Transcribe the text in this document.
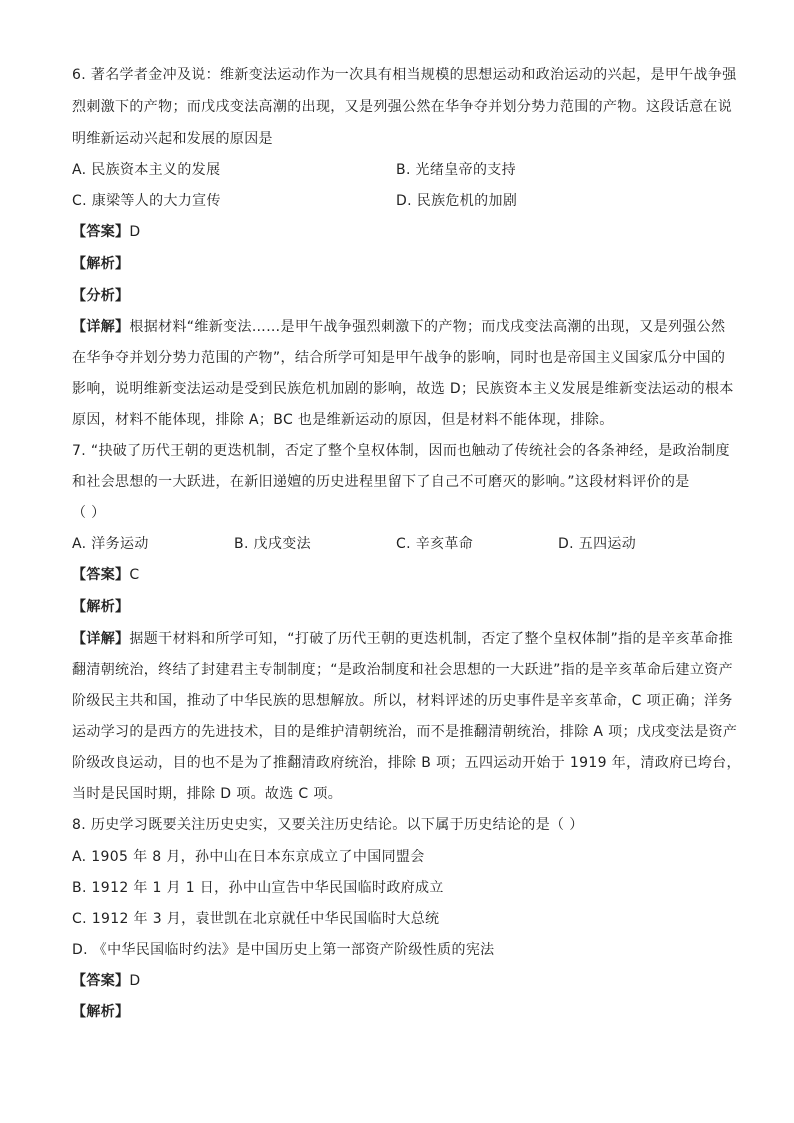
6. 著名学者金冲及说：维新变法运动作为一次具有相当规模的思想运动和政治运动的兴起，是甲午战争强
烈刺激下的产物；而戊戌变法高潮的出现，又是列强公然在华争夺并划分势力范围的产物。这段话意在说
明维新运动兴起和发展的原因是
A. 民族资本主义的发展	B. 光绪皇帝的支持
C. 康梁等人的大力宣传	D. 民族危机的加剧
【答案】D
【解析】
【分析】
【详解】根据材料“维新变法……是甲午战争强烈刺激下的产物；而戊戌变法高潮的出现，又是列强公然
在华争夺并划分势力范围的产物”，结合所学可知是甲午战争的影响，同时也是帝国主义国家瓜分中国的
影响，说明维新变法运动是受到民族危机加剧的影响，故选 D；民族资本主义发展是维新变法运动的根本
原因，材料不能体现，排除 A；BC 也是维新运动的原因，但是材料不能体现，排除。
7. “抉破了历代王朝的更迭机制，否定了整个皇权体制，因而也触动了传统社会的各条神经，是政治制度
和社会思想的一大跃进，在新旧递嬗的历史进程里留下了自己不可磨灭的影响。”这段材料评价的是
（ ）
A. 洋务运动	B. 戊戌变法	C. 辛亥革命	D. 五四运动
【答案】C
【解析】
【详解】据题干材料和所学可知，“打破了历代王朝的更迭机制，否定了整个皇权体制”指的是辛亥革命推
翻清朝统治，终结了封建君主专制制度；“是政治制度和社会思想的一大跃进”指的是辛亥革命后建立资产
阶级民主共和国，推动了中华民族的思想解放。所以，材料评述的历史事件是辛亥革命，C 项正确；洋务
运动学习的是西方的先进技术，目的是维护清朝统治，而不是推翻清朝统治，排除 A 项；戊戌变法是资产
阶级改良运动，目的也不是为了推翻清政府统治，排除 B 项；五四运动开始于 1919 年，清政府已垮台，
当时是民国时期，排除 D 项。故选 C 项。
8. 历史学习既要关注历史史实，又要关注历史结论。以下属于历史结论的是（ ）
A. 1905 年 8 月，孙中山在日本东京成立了中国同盟会
B. 1912 年 1 月 1 日，孙中山宣告中华民国临时政府成立
C. 1912 年 3 月，袁世凯在北京就任中华民国临时大总统
D. 《中华民国临时约法》是中国历史上第一部资产阶级性质的宪法
【答案】D
【解析】
